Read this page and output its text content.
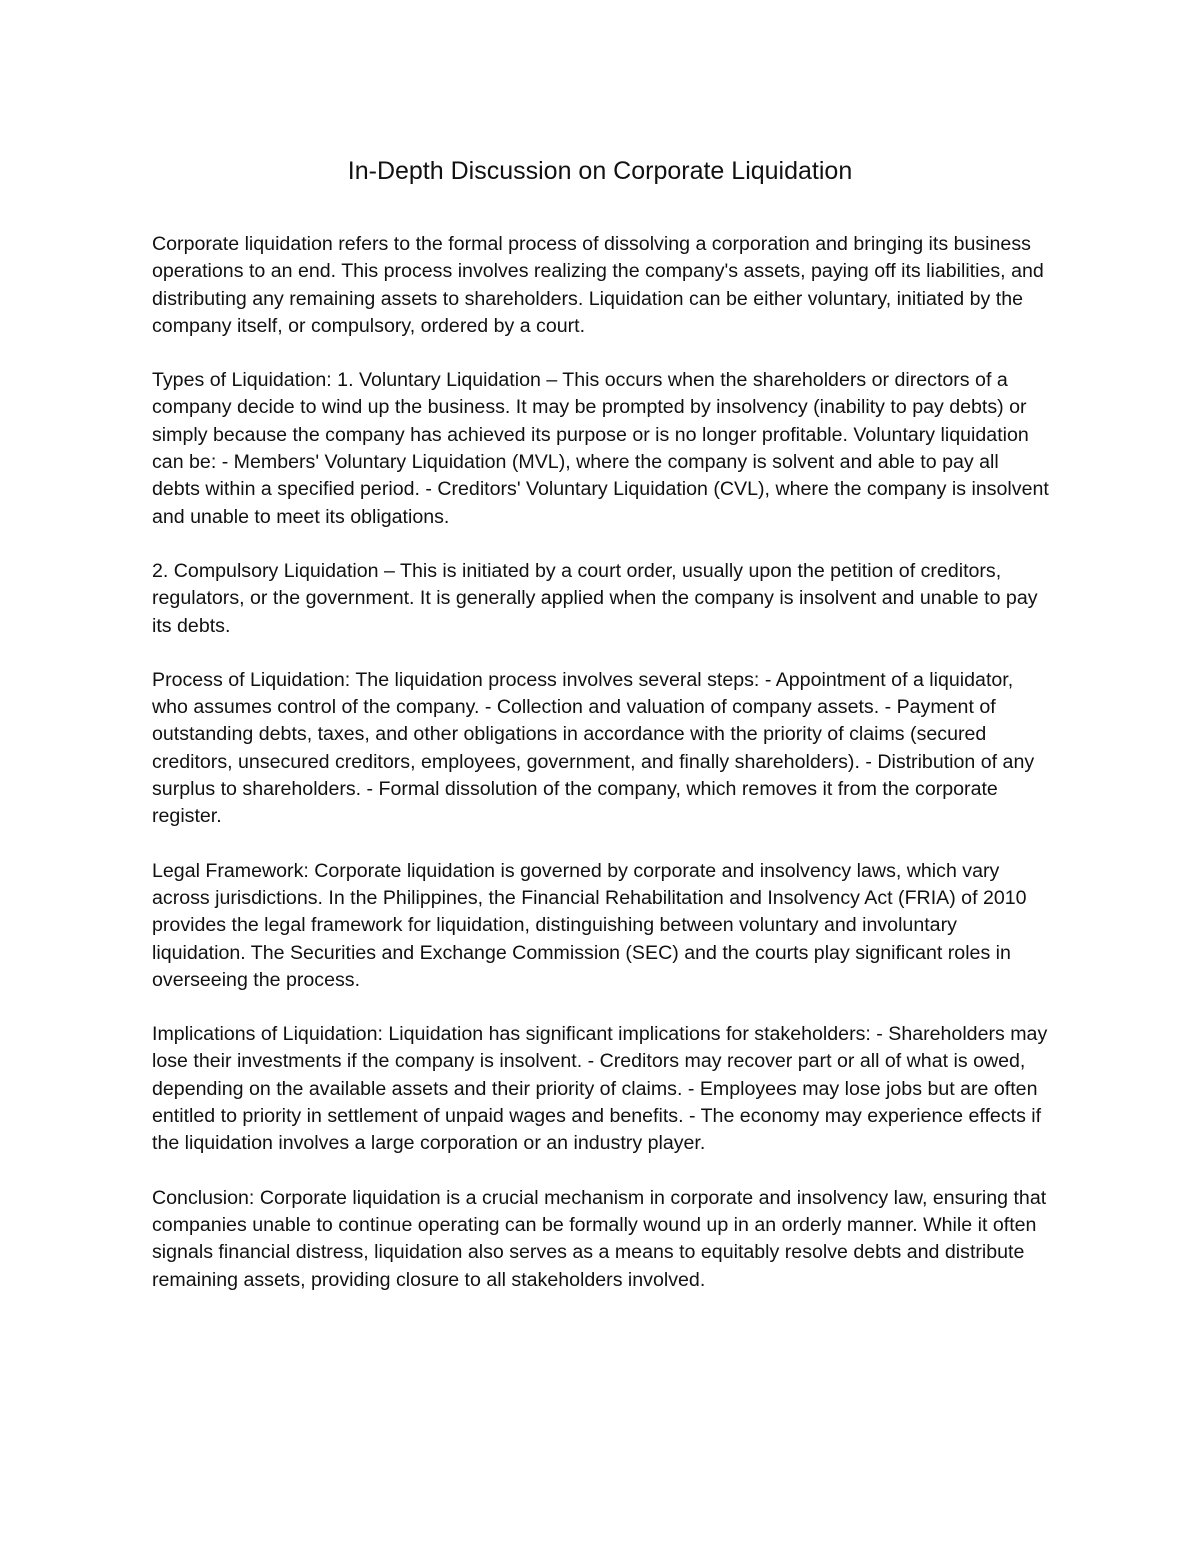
In-Depth Discussion on Corporate Liquidation

Corporate liquidation refers to the formal process of dissolving a corporation and bringing its business operations to an end. This process involves realizing the company's assets, paying off its liabilities, and distributing any remaining assets to shareholders. Liquidation can be either voluntary, initiated by the company itself, or compulsory, ordered by a court.

Types of Liquidation: 1. Voluntary Liquidation – This occurs when the shareholders or directors of a company decide to wind up the business. It may be prompted by insolvency (inability to pay debts) or simply because the company has achieved its purpose or is no longer profitable. Voluntary liquidation can be: - Members' Voluntary Liquidation (MVL), where the company is solvent and able to pay all debts within a specified period. - Creditors' Voluntary Liquidation (CVL), where the company is insolvent and unable to meet its obligations.

2. Compulsory Liquidation – This is initiated by a court order, usually upon the petition of creditors, regulators, or the government. It is generally applied when the company is insolvent and unable to pay its debts.

Process of Liquidation: The liquidation process involves several steps: - Appointment of a liquidator, who assumes control of the company. - Collection and valuation of company assets. - Payment of outstanding debts, taxes, and other obligations in accordance with the priority of claims (secured creditors, unsecured creditors, employees, government, and finally shareholders). - Distribution of any surplus to shareholders. - Formal dissolution of the company, which removes it from the corporate register.

Legal Framework: Corporate liquidation is governed by corporate and insolvency laws, which vary across jurisdictions. In the Philippines, the Financial Rehabilitation and Insolvency Act (FRIA) of 2010 provides the legal framework for liquidation, distinguishing between voluntary and involuntary liquidation. The Securities and Exchange Commission (SEC) and the courts play significant roles in overseeing the process.

Implications of Liquidation: Liquidation has significant implications for stakeholders: - Shareholders may lose their investments if the company is insolvent. - Creditors may recover part or all of what is owed, depending on the available assets and their priority of claims. - Employees may lose jobs but are often entitled to priority in settlement of unpaid wages and benefits. - The economy may experience effects if the liquidation involves a large corporation or an industry player.

Conclusion: Corporate liquidation is a crucial mechanism in corporate and insolvency law, ensuring that companies unable to continue operating can be formally wound up in an orderly manner. While it often signals financial distress, liquidation also serves as a means to equitably resolve debts and distribute remaining assets, providing closure to all stakeholders involved.
